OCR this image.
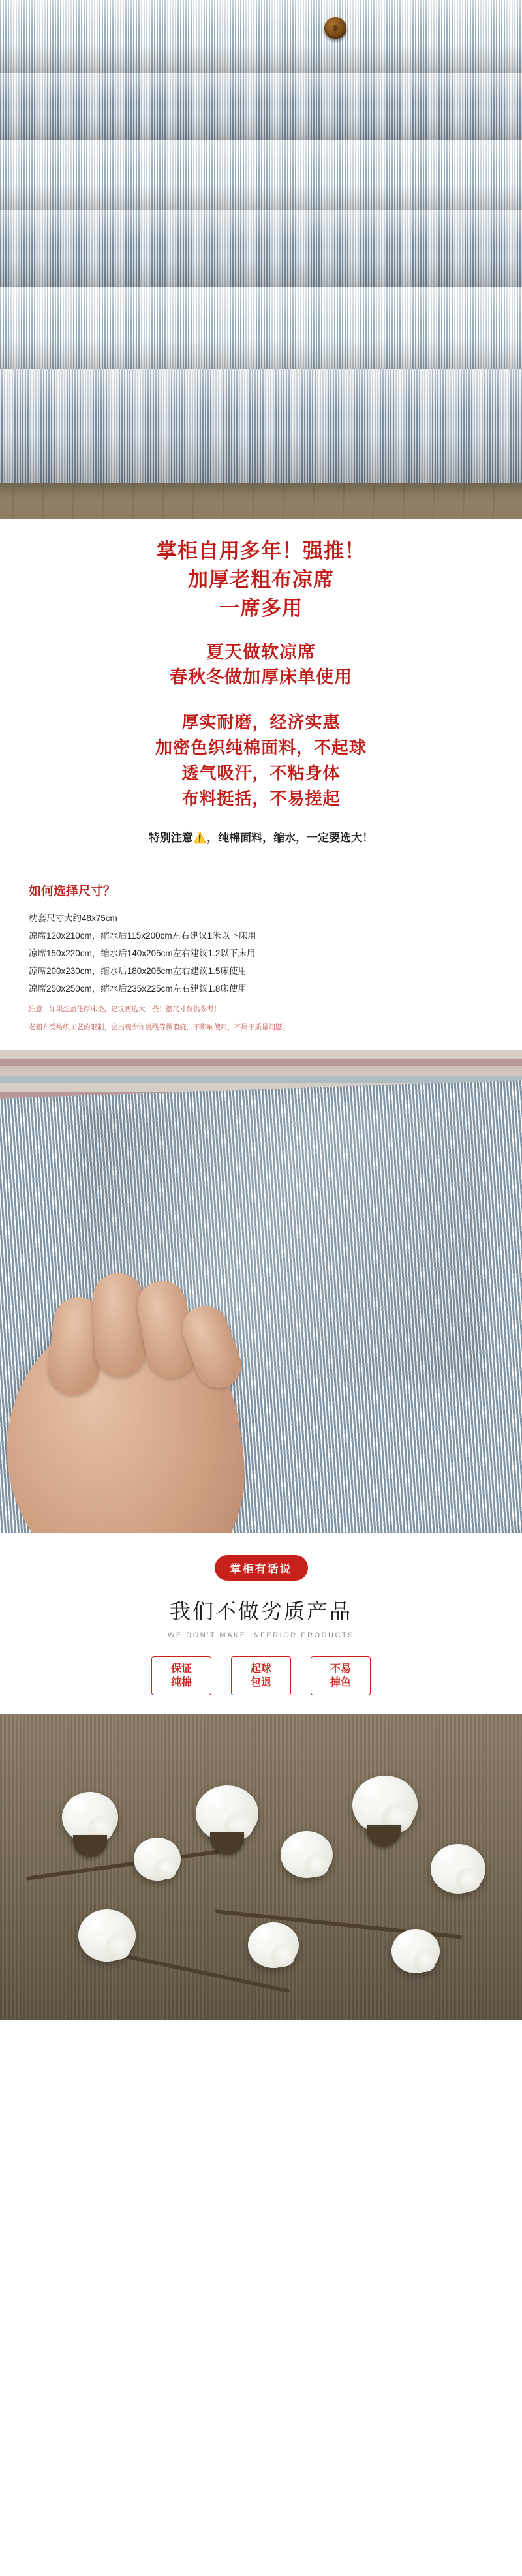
掌柜自用多年！强推！
加厚老粗布凉席
一席多用
夏天做软凉席
春秋冬做加厚床单使用
厚实耐磨，经济实惠
加密色织纯棉面料，不起球
透气吸汗，不粘身体
布料挺括，不易搓起
特别注意⚠️，纯棉面料，缩水，一定要选大！
如何选择尺寸？
枕套尺寸大约48x75cm
凉席120x210cm，缩水后115x200cm左右建议1米以下床用
凉席150x220cm，缩水后140x205cm左右建议1.2以下床用
凉席200x230cm，缩水后180x205cm左右建议1.5床使用
凉席250x250cm，缩水后235x225cm左右建议1.8床使用
注意：如果想盖住厚床垫，建议再选大一些！摆尺寸仅供参考！
老粗布受纺织工艺的限制，会出现少许跳线等微瑕疵，不影响使用，不属于质量问题。
掌柜有话说
我们不做劣质产品
WE DON'T MAKE INFERIOR PRODUCTS
保证
纯棉
起球
包退
不易
掉色
